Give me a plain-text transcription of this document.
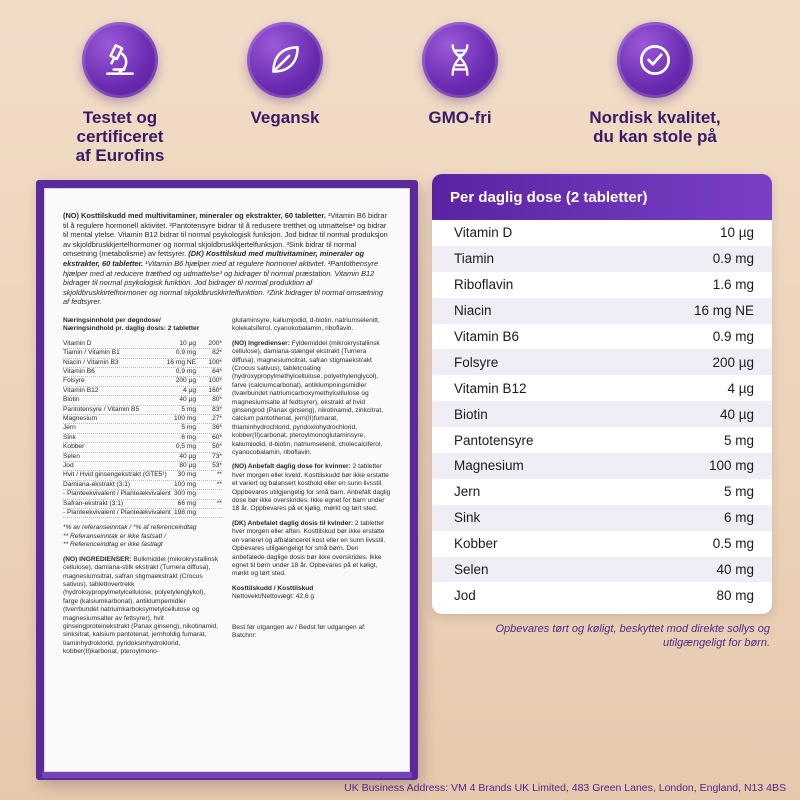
Testet og
certificeret
af Eurofins
Vegansk	GMO-fri	Nordisk kvalitet,
du kan stole på

(NO) Kosttilskudd med multivitaminer, mineraler og ekstrakter, 60 tabletter. ¹Vitamin B6 bidrar til å regulere hormonell aktivitet. ²Pantotensyre bidrar til å redusere tretthet og utmattelse³ og bidrar til mental ytelse. Vitamin B12 bidrar til normal psykologisk funksjon. Jod bidrar til normal produksjon av skjoldbruskkjertelhormoner og normal skjoldbruskkjertelfunksjon. ³Sink bidrar til normal omsetning (metabolisme) av fettsyrer. (DK) Kosttilskud med multivitaminer, mineraler og ekstrakter, 60 tabletter. ¹Vitamin B6 hjælper med at regulere hormonel aktivitet. ²Pantothensyre hjælper med at reducere træthed og udmattelse³ og bidrager til normal præstation. Vitamin B12 bidrager til normal psykologisk funktion. Jod bidrager til normal produktion af skjoldbruskkirtelhormoner og normal skjoldbruskkirtelfunktion. ³Zink bidrager til normal omsætning af fedtsyrer.

Næringsinnhold per døgndose/
Næringsindhold pr. daglig dosis: 2 tabletter
Vitamin D	10 µg	200*
Tiamin / Vitamin B1	0,9 mg	82*
Niacin / Vitamin B3	16 mg NE	100*
Vitamin B6	0,9 mg	64*
Folsyre	200 µg	100*
Vitamin B12	4 µg	160*
Biotin	40 µg	80*
Pantotensyre / Vitamin B5	5 mg	83*
Magnesium	100 mg	27*
Jern	5 mg	36*
Sink	6 mg	60*
Kobber	0,5 mg	50*
Selen	40 µg	73*
Jod	80 µg	53*
Hvit / Hvid ginsengekstrakt (GTE5¹) 30 mg	**
Damiana-ekstrakt (3:1)	100 mg	**
- Planteekvivalent / Planteækvivalent 300 mg
Safran-ekstrakt (3:1)	66 mg	**
- Planteekvivalent / Planteækvivalent 198 mg
*% av referanseinntak / *% af referenceindtag
** Referanseinntak er ikke fastsatt /
** Referenceindtag er ikke fastlagt

(NO) INGREDIENSER: Bulkmiddel (mikrokrystallinsk cellulose), damiana-stilk ekstrakt (Turnera diffusa), magnesiumsitrat, safran stigmaekstrakt (Crocus sativus), tablettovertrekk (hydroksypropylmetylcellulose, polyetylenglykol), farge (kalsiumkarbonat), antiklumpemidler (tverrbundet natriumkarboksymetylcellulose og magnesiumsalter av fettsyrer), hvit ginsengproteinekstrakt (Panax ginseng), nikotinamid, sinksitrat, kalsium pantotenat, jernholdig fumarat, tiaminhydroklorid, pyridoksinhydroklorid, kobber(II)karbonat, pteroylmono-

glutaminsyre, kaliumjodid, d-biotin, natriumselenitt, kolekalsiferol, cyanokobalamin, riboflavin.

(NO) Ingredienser: Fyldemiddel (mikrokrystallinsk cellulose), damiana-stængel ekstrakt (Turnera diffusa), magnesiumcitrat, safran stigmaekstrakt (Crocus sativus), tabletcoating (hydroxypropylmethylcellulose, polyethylenglycol), farve (calciumcarbonat), antiklumpningsmidler (tværbundet natriumcarboxymethylcellulose og magnesiumsalte af fedtsyrer), ekstrakt af hvid ginsengrod (Panax ginseng), nikotinamid, zinkcitrat, calcium pantothenat, jern(II)fumarat, thiaminhydrochlorid, pyridoxinhydrochlorid, kobber(II)carbonat, pteroylmonoglutaminsyre, kaliumiodid, d-biotin, natriumselenit, cholecalciferol, cyanocobalamin, riboflavin.

(NO) Anbefalt daglig dose for kvinner: 2 tabletter hver morgen eller kveld. Kosttilskudd bør ikke erstatte et variert og balansert kosthold eller en sunn livsstil. Oppbevares utilgjengelig for små barn. Anbefalt daglig dose bør ikke overskrides. Ikke egnet for barn under 18 år. Oppbevares på et kjølig, mørkt og tørt sted.

(DK) Anbefalet daglig dosis til kvinder: 2 tabletter hver morgen eller aften. Kosttilskud bør ikke erstatte en varieret og afbalanceret kost eller en sunn livsstil. Opbevares utilgængeligt for små børn. Den anbefalede daglige dosis bør ikke overskrides. Ikke egnet til børn under 18 år. Opbevares på et køligt, mørkt og tørt sted.

Kosttilskudd / Kosttilskud
Nettovekt/Nettovægt: 42,6 g

Best før utgangen av / Bedst før udgangen af:

Batchnr:

Per daglig dose (2 tabletter)
Vitamin D	10 µg
Tiamin	0.9 mg
Riboflavin	1.6 mg
Niacin	16 mg NE
Vitamin B6	0.9 mg
Folsyre	200 µg
Vitamin B12	4 µg
Biotin	40 µg
Pantotensyre	5 mg
Magnesium	100 mg
Jern	5 mg
Sink	6 mg
Kobber	0.5 mg
Selen	40 mg
Jod	80 mg
Opbevares tørt og køligt, beskyttet mod direkte sollys og utilgængeligt for børn.
UK Business Address: VM 4 Brands UK Limited, 483 Green Lanes, London, England, N13 4BS
